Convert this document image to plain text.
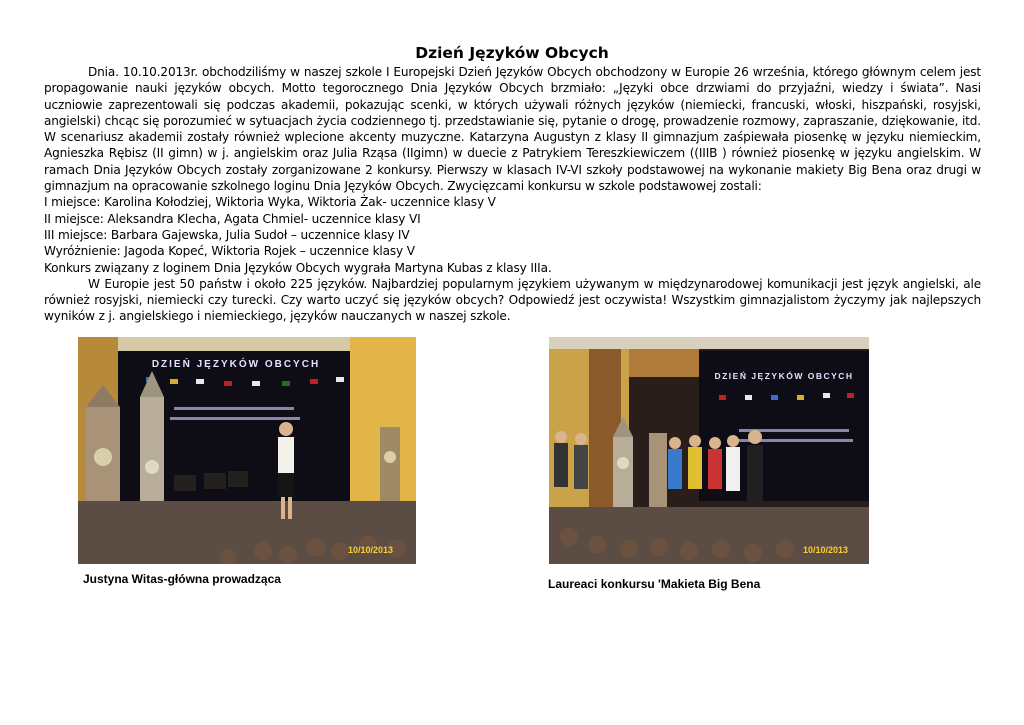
Dzień Języków Obcych

Dnia. 10.10.2013r. obchodziliśmy w naszej szkole I Europejski Dzień Języków Obcych obchodzony w Europie 26 września, którego głównym celem jest propagowanie nauki języków obcych. Motto tegorocznego Dnia Języków Obcych brzmiało: „Języki obce drzwiami do przyjaźni, wiedzy i świata”. Nasi uczniowie zaprezentowali się podczas akademii, pokazując scenki, w których używali różnych języków (niemiecki, francuski, włoski, hiszpański, rosyjski, angielski) chcąc się porozumieć w sytuacjach życia codziennego tj. przedstawianie się, pytanie o drogę, prowadzenie rozmowy, zapraszanie, dziękowanie, itd. W scenariusz akademii zostały również wplecione akcenty muzyczne. Katarzyna Augustyn z klasy II gimnazjum zaśpiewała piosenkę w języku niemieckim, Agnieszka Rębisz (II gimn) w j. angielskim oraz Julia Rząsa (IIgimn) w duecie z Patrykiem Tereszkiewiczem ((IIIB ) również piosenkę w języku angielskim. W ramach Dnia Języków Obcych zostały zorganizowane 2 konkursy. Pierwszy w klasach IV-VI szkoły podstawowej na wykonanie makiety Big Bena oraz drugi w gimnazjum na opracowanie szkolnego loginu Dnia Języków Obcych. Zwycięzcami konkursu w szkole podstawowej zostali:

I miejsce: Karolina Kołodziej, Wiktoria Wyka, Wiktoria Żak- uczennice klasy V

II miejsce: Aleksandra Klecha, Agata Chmiel- uczennice klasy VI

III miejsce: Barbara Gajewska, Julia Sudoł – uczennice klasy IV

Wyróżnienie: Jagoda Kopeć, Wiktoria Rojek – uczennice klasy V

Konkurs związany z loginem Dnia Języków Obcych wygrała Martyna Kubas z klasy IIIa.

W Europie jest 50 państw i około 225 języków. Najbardziej popularnym językiem używanym w międzynarodowej komunikacji jest język angielski, ale również rosyjski, niemiecki czy turecki. Czy warto uczyć się języków obcych? Odpowiedź jest oczywista! Wszystkim gimnazjalistom życzymy jak najlepszych wyników z j. angielskiego i niemieckiego, języków nauczanych w naszej szkole.

DZIEŃ JĘZYKÓW OBCYCH
10/10/2013
DZIEŃ JĘZYKÓW OBCYCH
10/10/2013
Justyna Witas-główna prowadząca	Laureaci konkursu 'Makieta Big Bena
